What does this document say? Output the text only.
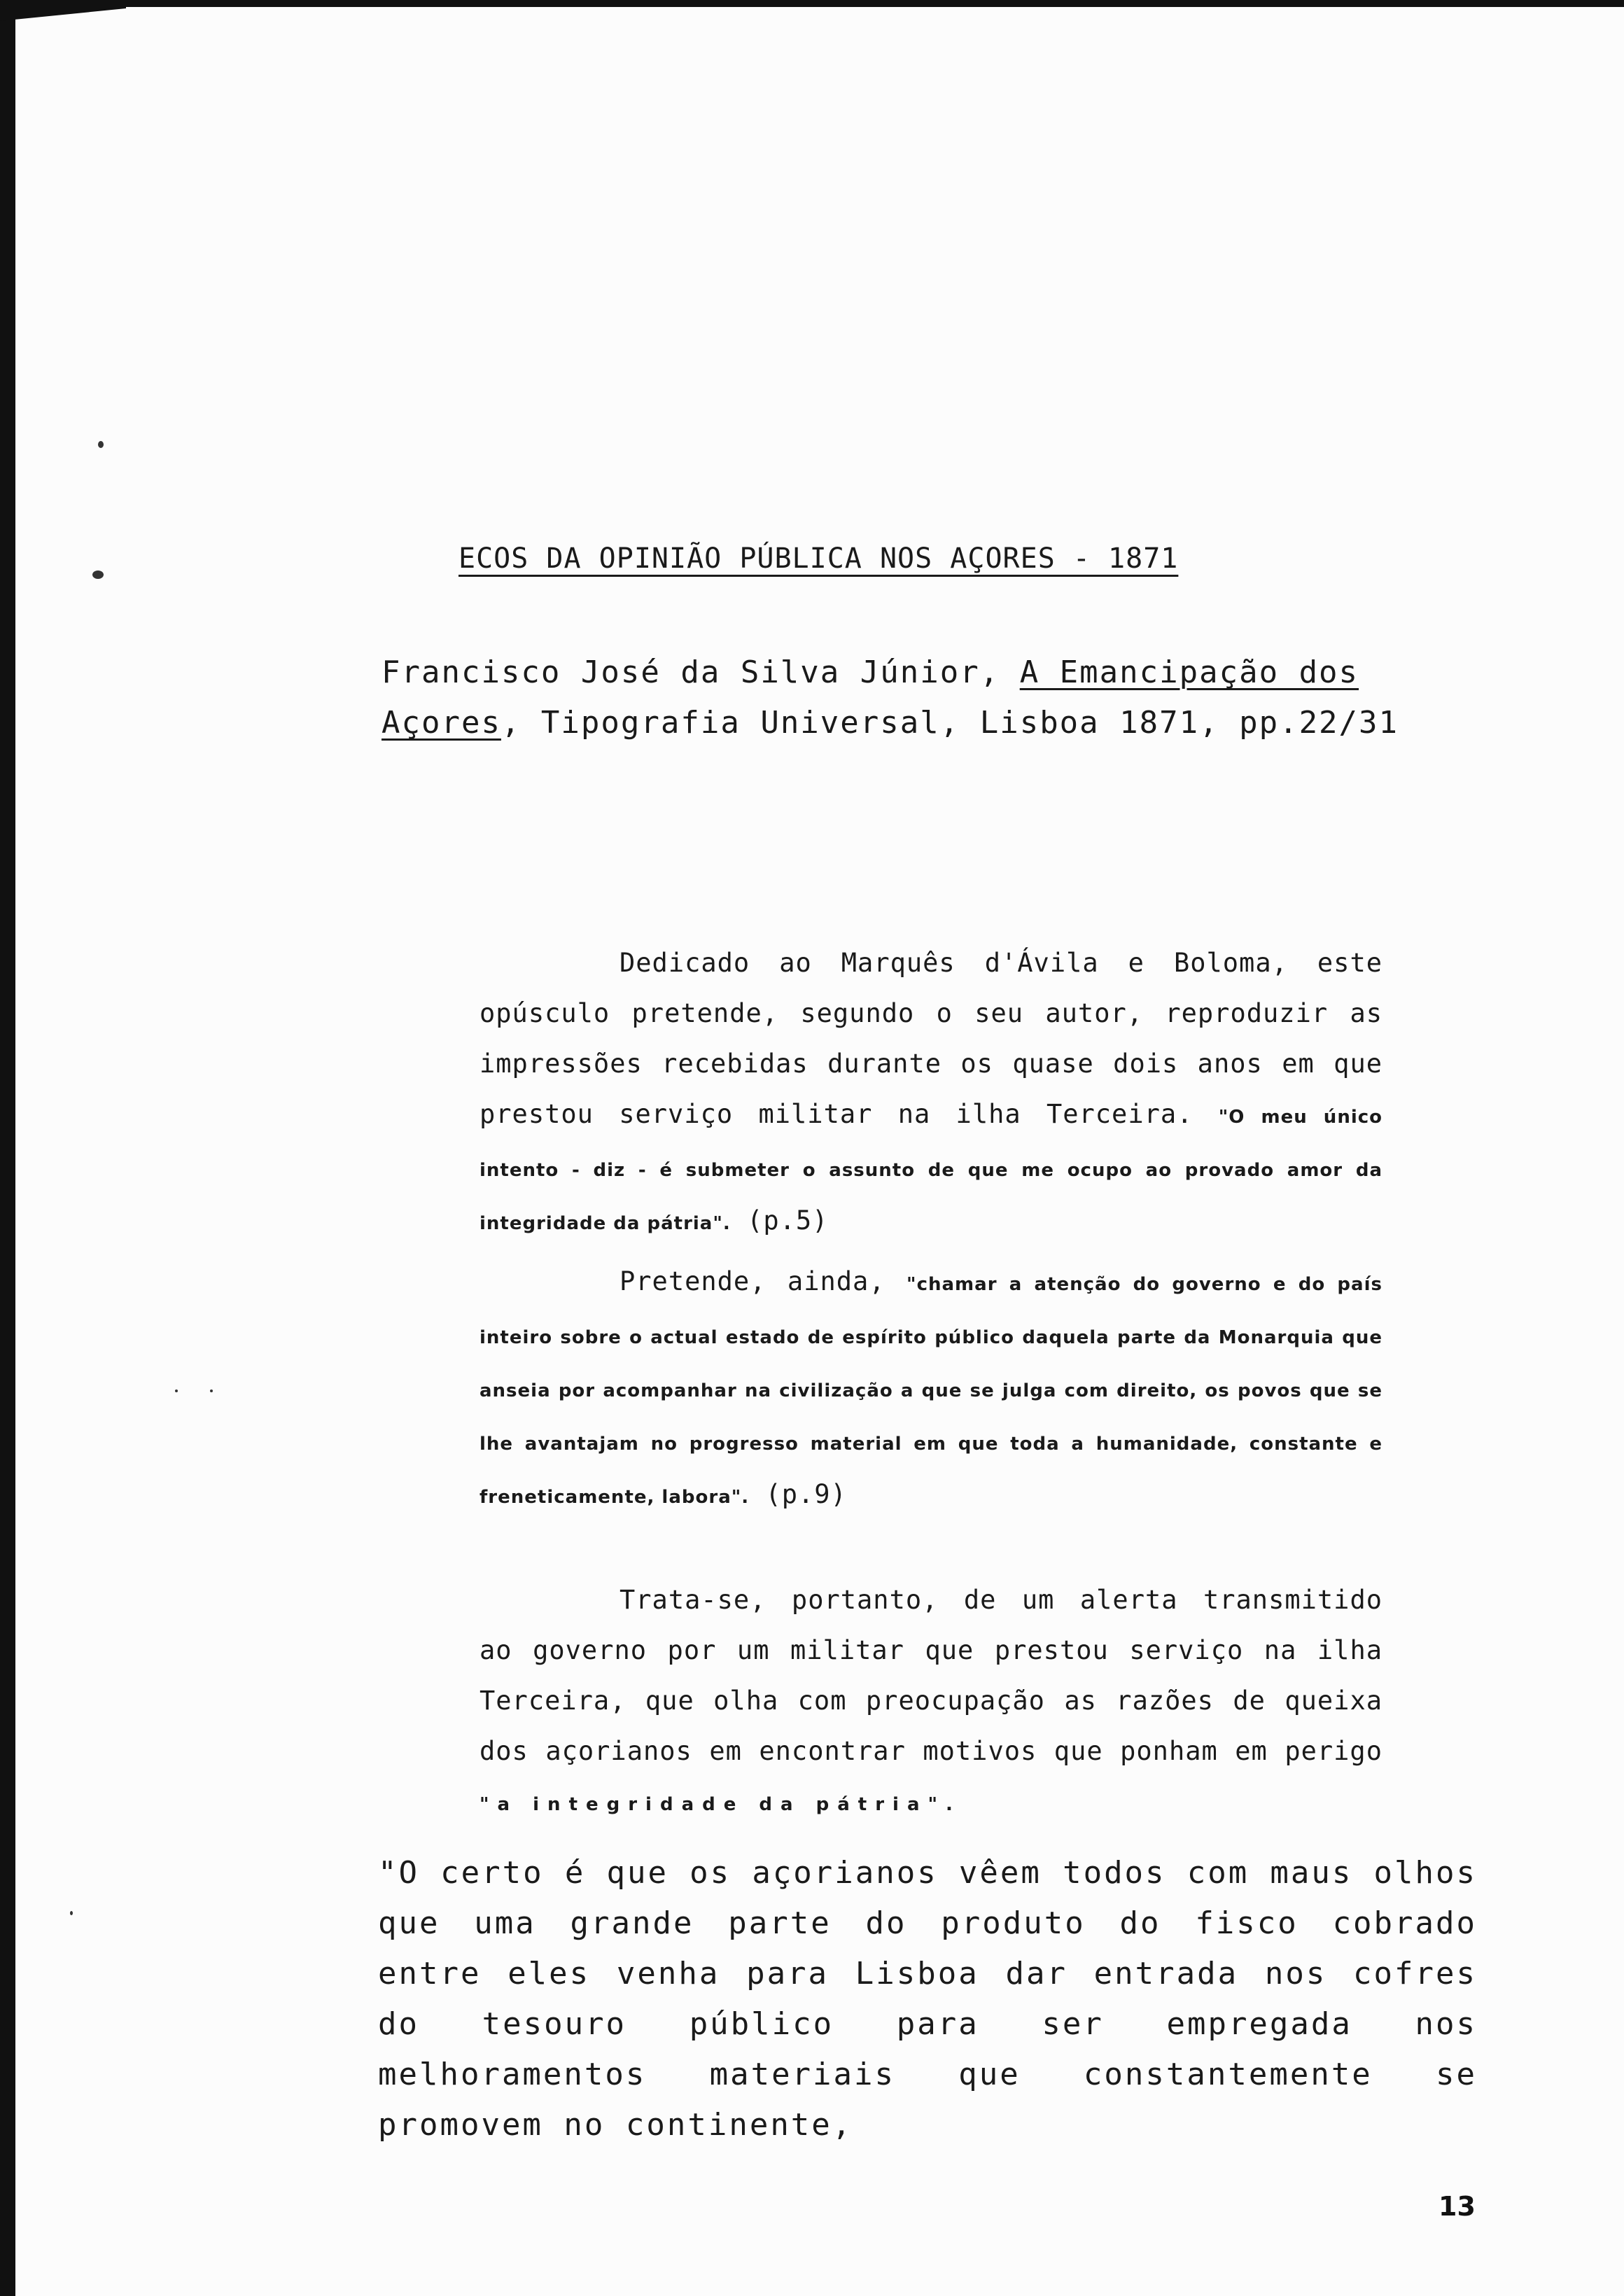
ECOS DA OPINIÃO PÚBLICA NOS AÇORES - 1871
Francisco José da Silva Júnior, A Emancipação dos Açores, Tipografia Universal, Lisboa 1871, pp.22/31
Dedicado ao Marquês d'Ávila e Boloma, este opúsculo pretende, segundo o seu autor, reproduzir as impressões recebidas durante os quase dois anos em que prestou serviço militar na ilha Terceira. "O meu único intento - diz - é submeter o assunto de que me ocupo ao provado amor da integridade da pátria". (p.5)
Pretende, ainda, "chamar a atenção do governo e do país inteiro sobre o actual estado de espírito público daquela parte da Monarquia que anseia por acompanhar na civilização a que se julga com direito, os povos que se lhe avantajam no progresso material em que toda a humanidade, constante e freneticamente, labora". (p.9)
Trata-se, portanto, de um alerta transmitido ao governo por um militar que prestou serviço na ilha Terceira, que olha com preocupação as razões de queixa dos açorianos em encontrar motivos que ponham em perigo "a integridade da pátria".
"O certo é que os açorianos vêem todos com maus olhos que uma grande parte do produto do fisco cobrado entre eles venha para Lisboa dar entrada nos cofres do tesouro público para ser empregada nos melhoramentos materiais que constantemente se promovem no continente,
13
